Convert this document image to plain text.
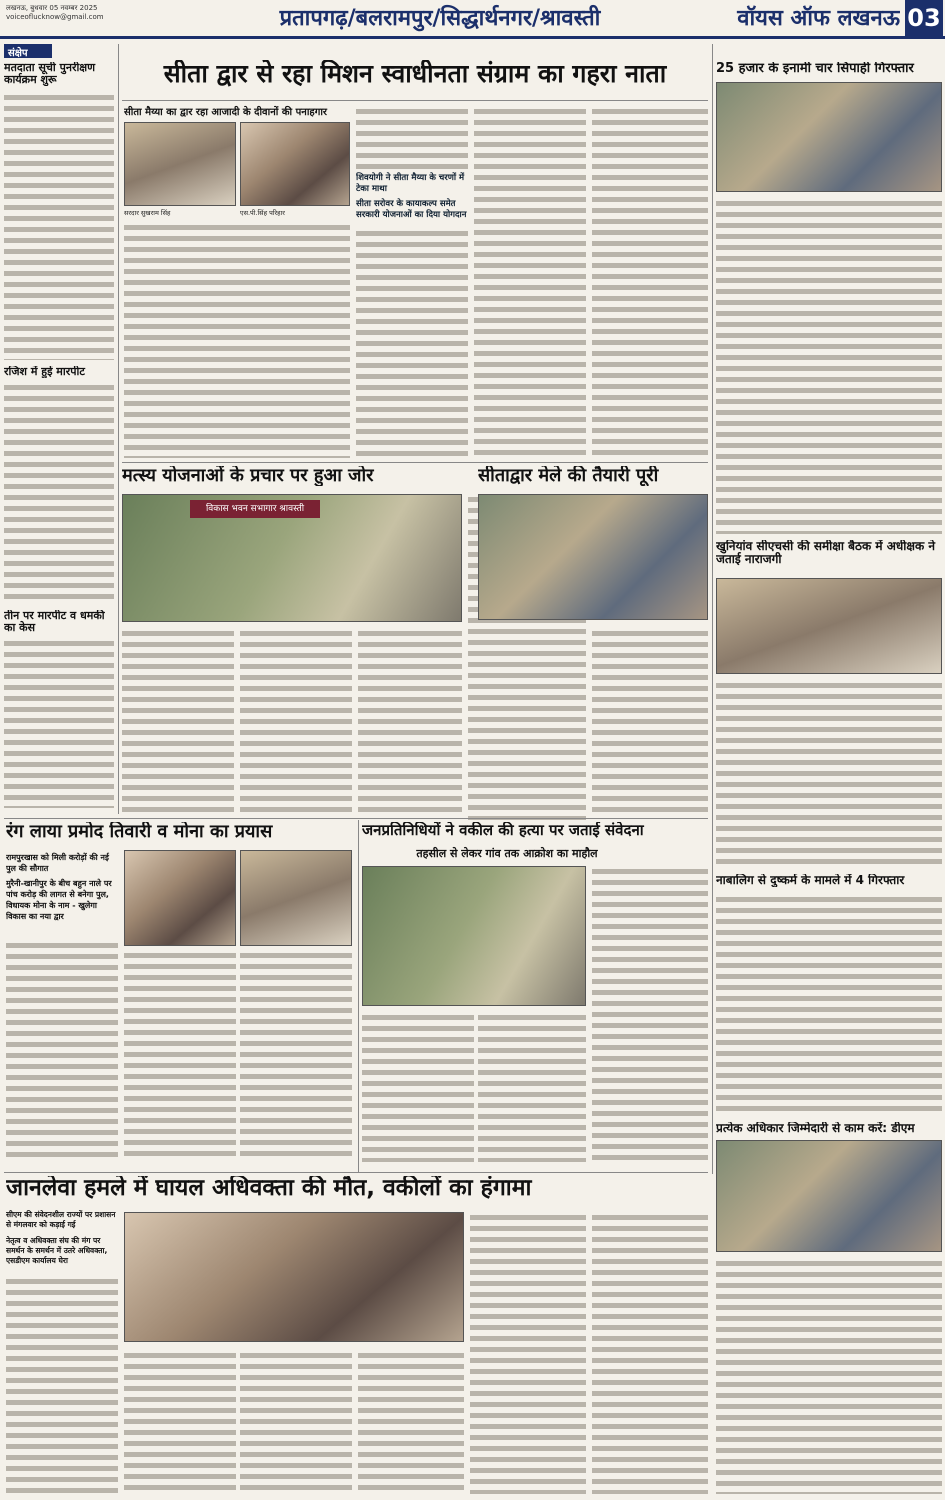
लखनऊ, बुधवार 05 नवम्बर 2025
voiceoflucknow@gmail.com	प्रतापगढ़/बलरामपुर/सिद्धार्थनगर/श्रावस्ती	वॉयस ऑफ लखनऊ 03
संक्षेप
मतदाता सूची पुनरीक्षण कार्यक्रम शुरू
रजिश में हुई मारपीट
तीन पर मारपीट व धमकी का केस
सीता द्वार से रहा मिशन स्वाधीनता संग्राम का गहरा नाता
सीता मैय्या का द्वार रहा आजादी के दीवानों की पनाहगार
सरदार सुखराम सिंह	एस.पी.सिंह परिहार
शिवयोगी ने सीता मैय्या के चरणों में टेका माथा
सीता सरोवर के कायाकल्प समेत सरकारी योजनाओं का दिया योगदान
25 हजार के इनामी चार सिपाही गिरफ्तार
मत्स्य योजनाओं के प्रचार पर हुआ जोर
विकास भवन सभागार श्रावस्ती
सीताद्वार मेले की तैयारी पूरी
खुनियांव सीएचसी की समीक्षा बैठक में अधीक्षक ने जताई नाराजगी
रंग लाया प्रमोद तिवारी व मोना का प्रयास
रामपुरखास को मिली करोड़ों की नई पुल की सौगात
मुरैनी-खानीपुर के बीच बहुन नाले पर पांच करोड़ की लागत से बनेगा पुल, विधायक मोना के नाम - खुलेगा विकास का नया द्वार
जनप्रतिनिधियों ने वकील की हत्या पर जताई संवेदना
तहसील से लेकर गांव तक आक्रोश का माहौल
नाबालिग से दुष्कर्म के मामले में 4 गिरफ्तार
प्रत्येक अधिकार जिम्मेदारी से काम करें: डीएम
जानलेवा हमले में घायल अधिवक्ता की मौत, वकीलों का हंगामा
सीएम की संवेदनशील राज्यों पर प्रशासन से मंगलवार को कड़ाई गई
नेतृत्व व अधिवक्ता संघ की मंग पर समर्थन के समर्थन में उतरे अधिवक्ता, एसडीएम कार्यालय घेरा
